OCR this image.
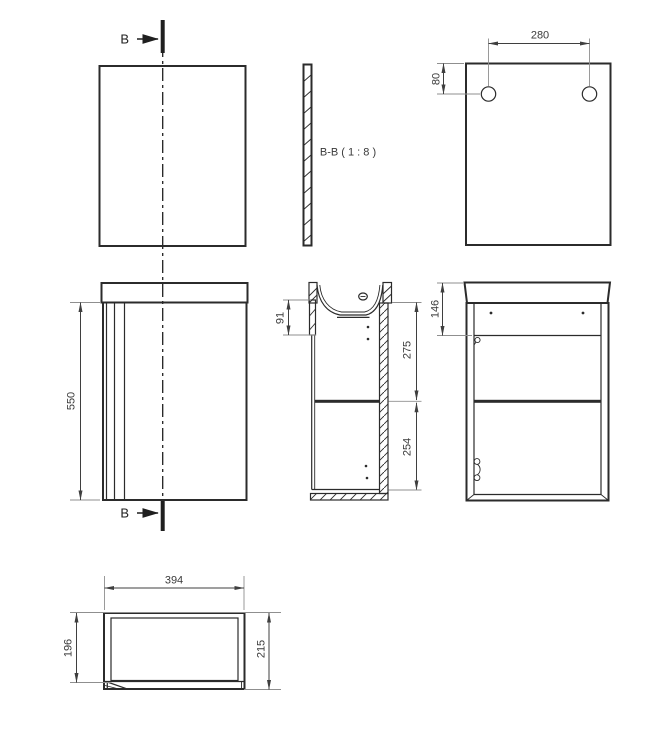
B
B
B-B ( 1 : 8 )
280
80
550
91
275
254
146
394
196	215
